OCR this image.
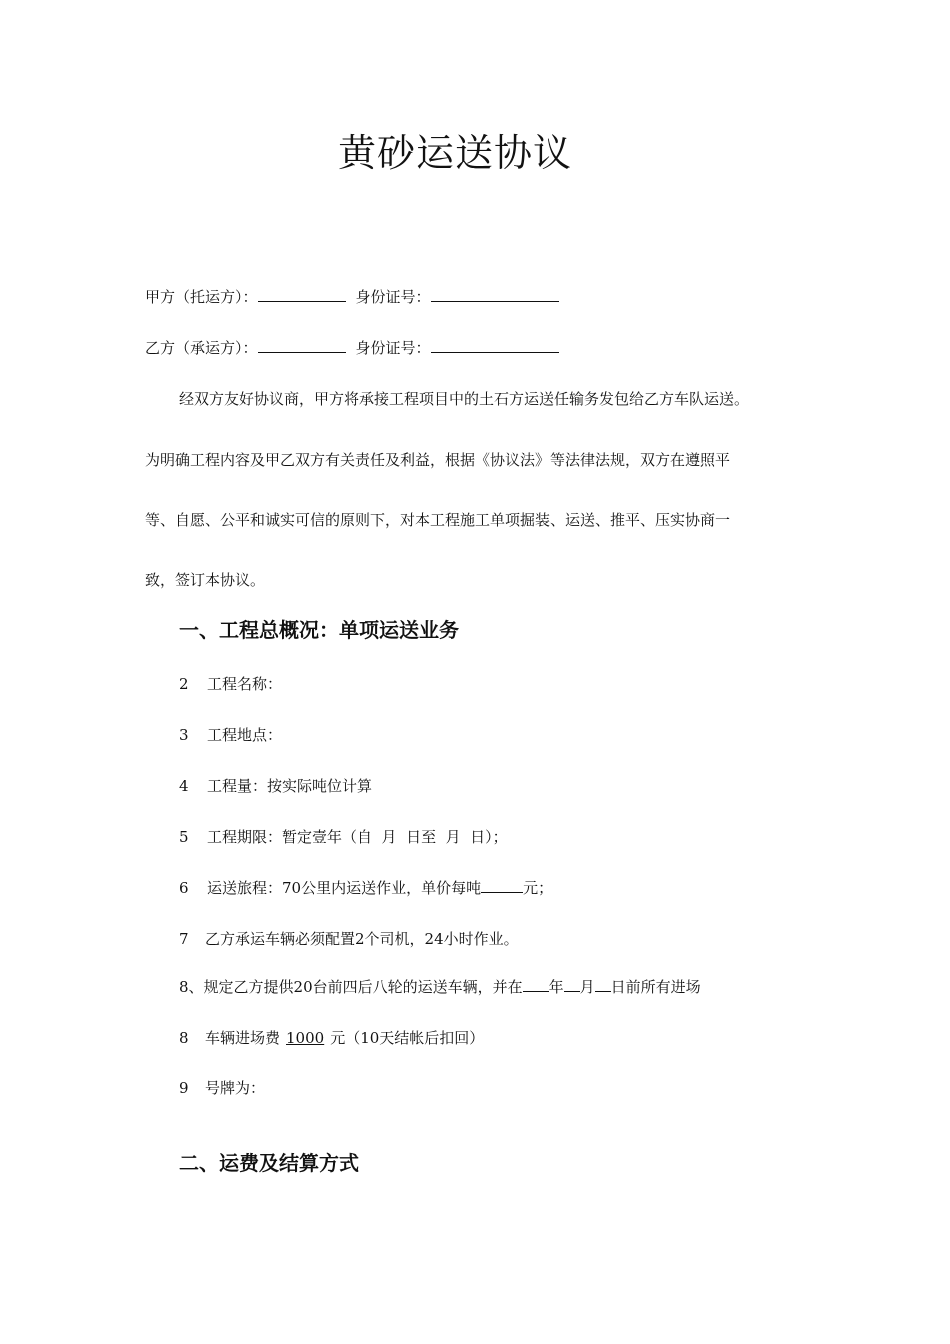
黄砂运送协议
甲方（托运方）：	身份证号：
乙方（承运方）：	身份证号：
经双方友好协议商，甲方将承接工程项目中的土石方运送任输务发包给乙方车队运送。
为明确工程内容及甲乙双方有关责任及利益，根据《协议法》等法律法规，双方在遵照平
等、自愿、公平和诚实可信的原则下，对本工程施工单项掘装、运送、推平、压实协商一
致，签订本协议。
一、工程总概况：单项运送业务
2 工程名称：
3 工程地点：
4 工程量：按实际吨位计算
5 工程期限：暂定壹年（自  月  日至  月  日）；
6 运送旅程：70公里内运送作业，单价每吨	元；
7 乙方承运车辆必须配置2个司机，24小时作业。
8、规定乙方提供20台前四后八轮的运送车辆，并在 年 月 日前所有进场
8 车辆进场费 1000 元（10天结帐后扣回）
9 号牌为：
二、运费及结算方式
